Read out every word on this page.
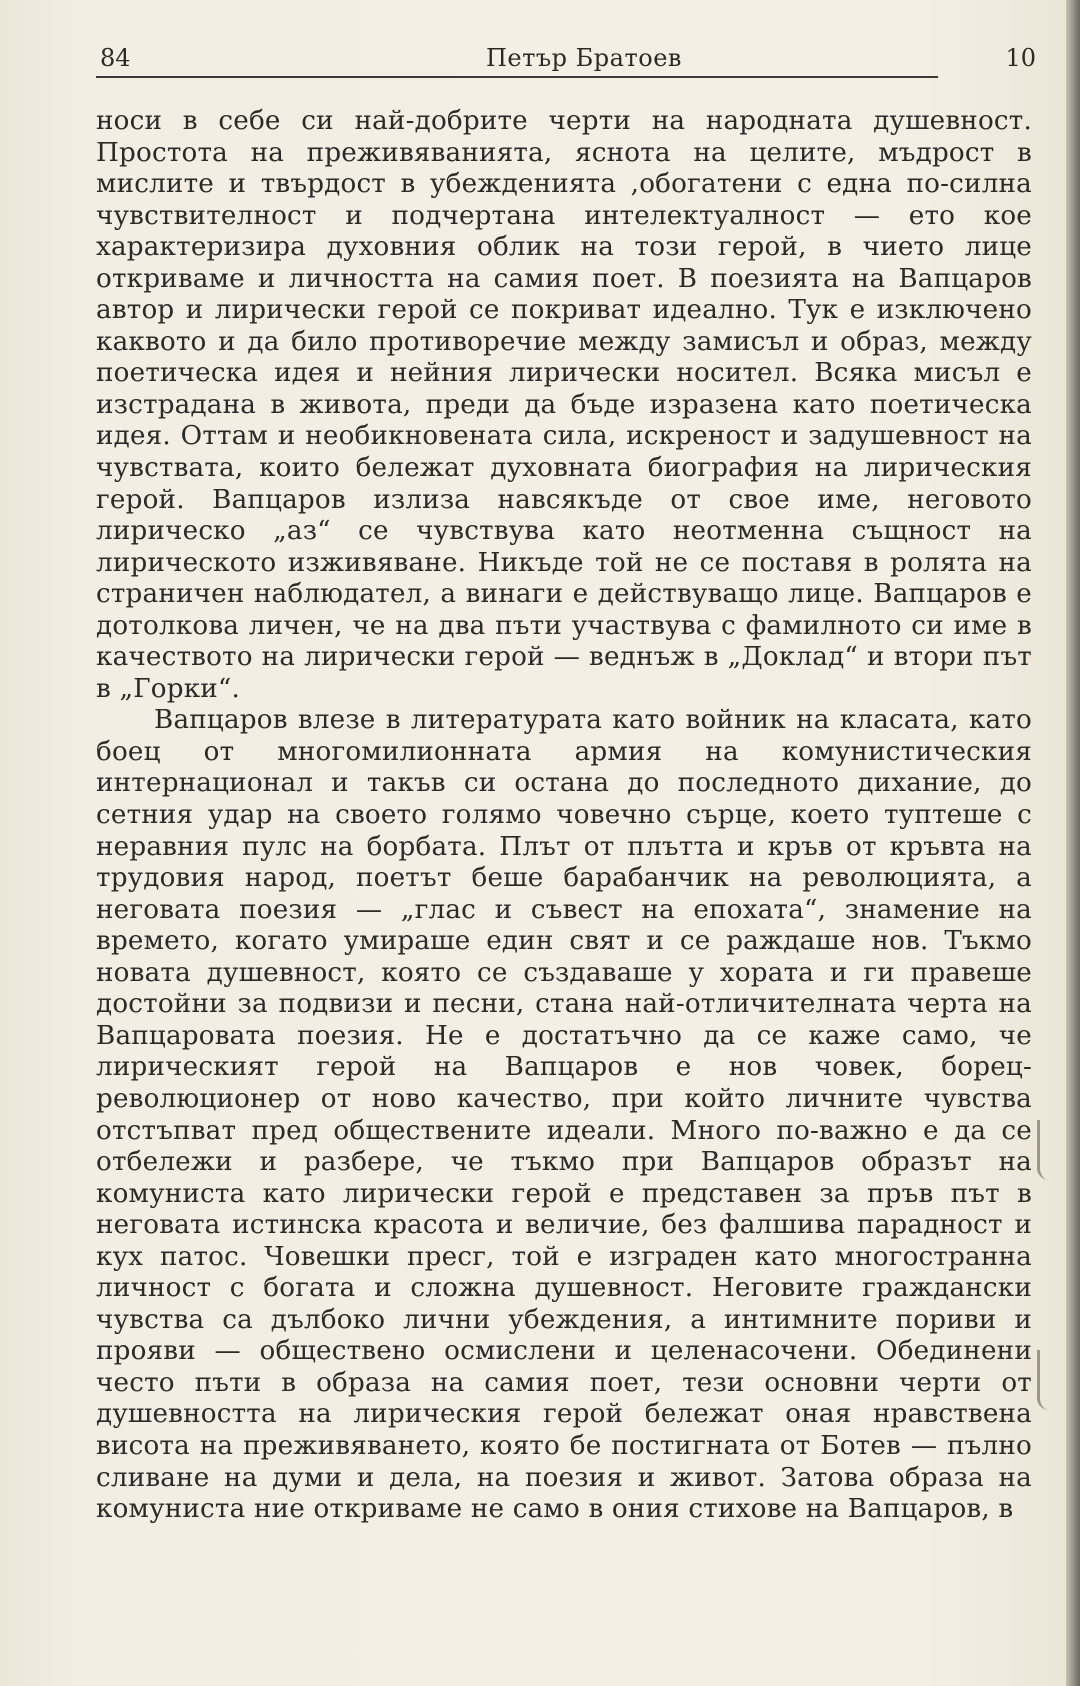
84	Петър Братоев	10

носи в себе си най-добрите черти на народната душевност. Простота на преживяванията, яснота на целите, мъдрост в мислите и твърдост в убежденията ,обогатени с една по-силна чувствителност и подчертана интелектуалност — ето кое характеризира духовния облик на този герой, в чието лице откриваме и личността на самия поет. В поезията на Вапцаров автор и лирически герой се покриват идеално. Тук е изключено каквото и да било противоречие между замисъл и образ, между поетическа идея и нейния лирически носител. Всяка мисъл е изстрадана в живота, преди да бъде изразена като поетическа идея. Оттам и необикновената сила, искреност и задушевност на чувствата, които бележат духовната биография на лирическия герой. Вапцаров излиза навсякъде от свое име, неговото лирическо „аз“ се чувствува като неотменна същност на лирическото изживяване. Никъде той не се поставя в ролята на страничен наблюдател, а винаги е действуващо лице. Вапцаров е дотолкова личен, че на два пъти участвува с фамилното си име в качеството на лирически герой — веднъж в „Доклад“ и втори път в „Горки“.

Вапцаров влезе в литературата като войник на класата, като боец от многомилионната армия на комунистическия интернационал и такъв си остана до последното дихание, до сетния удар на своето голямо човечно сърце, което туптеше с неравния пулс на борбата. Плът от плътта и кръв от кръвта на трудовия народ, поетът беше барабанчик на революцията, а неговата поезия — „глас и съвест на епохата“, знамение на времето, когато умираше един свят и се раждаше нов. Тъкмо новата душевност, която се създаваше у хората и ги правеше достойни за подвизи и песни, стана най-отличителната черта на Вапцаровата поезия. Не е достатъчно да се каже само, че лирическият герой на Вапцаров е нов човек, борец-революционер от ново качество, при който личните чувства отстъпват пред обществените идеали. Много по-важно е да се отбележи и разбере, че тъкмо при Вапцаров образът на комуниста като лирически герой е представен за пръв път в неговата истинска красота и величие, без фалшива парадност и кух патос. Човешки пресг, той е изграден като многостранна личност с богата и сложна душевност. Неговите граждански чувства са дълбоко лични убеждения, а интимните пориви и прояви — обществено осмислени и целенасочени. Обединени често пъти в образа на самия поет, тези основни черти от душевността на лирическия герой бележат оная нравствена висота на преживяването, която бе постигната от Ботев — пълно сливане на думи и дела, на поезия и живот. Затова образа на комуниста ние откриваме не само в ония стихове на Вапцаров, в
